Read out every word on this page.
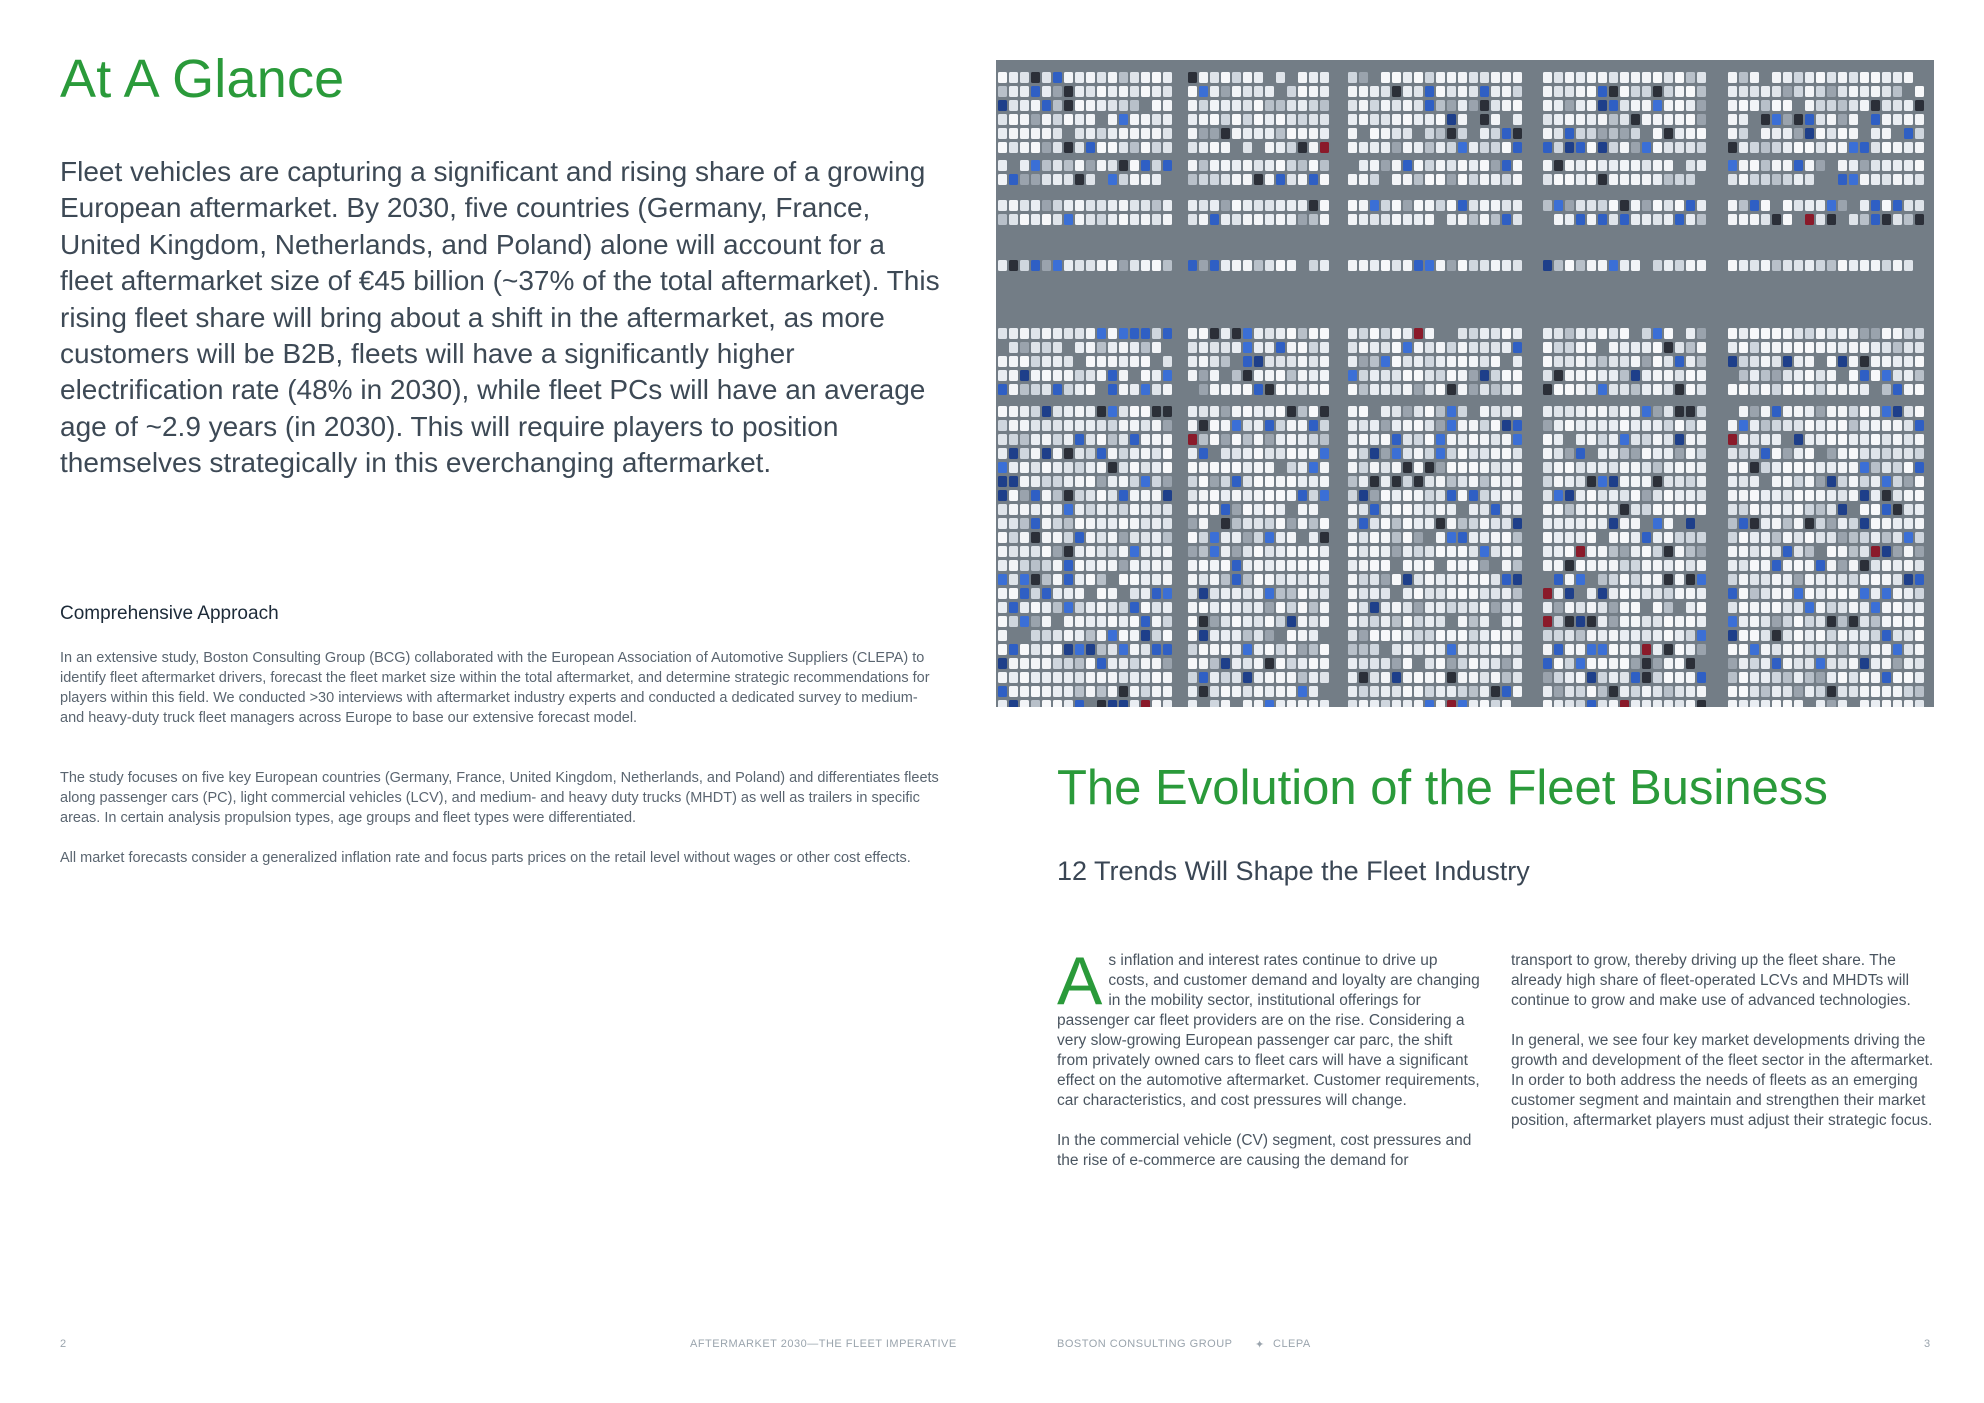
At A Glance

Fleet vehicles are capturing a significant and rising share of a growing European aftermarket. By 2030, five countries (Germany, France, United Kingdom, Netherlands, and Poland) alone will account for a fleet aftermarket size of €45 billion (~37% of the total aftermarket). This rising fleet share will bring about a shift in the aftermarket, as more customers will be B2B, fleets will have a significantly higher electrification rate (48% in 2030), while fleet PCs will have an average age of ~2.9 years (in 2030). This will require players to position themselves strategically in this everchanging aftermarket.

Comprehensive Approach

In an extensive study, Boston Consulting Group (BCG) collaborated with the European Association of Automotive Suppliers (CLEPA) to identify fleet aftermarket drivers, forecast the fleet market size within the total aftermarket, and determine strategic recommendations for players within this field. We conducted >30 interviews with aftermarket industry experts and conducted a dedicated survey to medium- and heavy-duty truck fleet managers across Europe to base our extensive forecast model.

The study focuses on five key European countries (Germany, France, United Kingdom, Netherlands, and Poland) and differentiates fleets along passenger cars (PC), light commercial vehicles (LCV), and medium- and heavy duty trucks (MHDT) as well as trailers in specific areas. In certain analysis propulsion types, age groups and fleet types were differentiated.

All market forecasts consider a generalized inflation rate and focus parts prices on the retail level without wages or other cost effects.

The Evolution of the Fleet Business
12 Trends Will Shape the Fleet Industry

As inflation and interest rates continue to drive up costs, and customer demand and loyalty are changing in the mobility sector, institutional offerings for passenger car fleet providers are on the rise. Considering a very slow-growing European passenger car parc, the shift from privately owned cars to fleet cars will have a significant effect on the automotive aftermarket. Customer requirements, car characteristics, and cost pressures will change.

In the commercial vehicle (CV) segment, cost pressures and the rise of e-commerce are causing the demand for

transport to grow, thereby driving up the fleet share. The already high share of fleet-operated LCVs and MHDTs will continue to grow and make use of advanced technologies.

In general, we see four key market developments driving the growth and development of the fleet sector in the aftermarket. In order to both address the needs of fleets as an emerging customer segment and maintain and strengthen their market position, aftermarket players must adjust their strategic focus.

2	AFTERMARKET 2030—THE FLEET IMPERATIVE	BOSTON CONSULTING GROUP ✦ CLEPA	3
